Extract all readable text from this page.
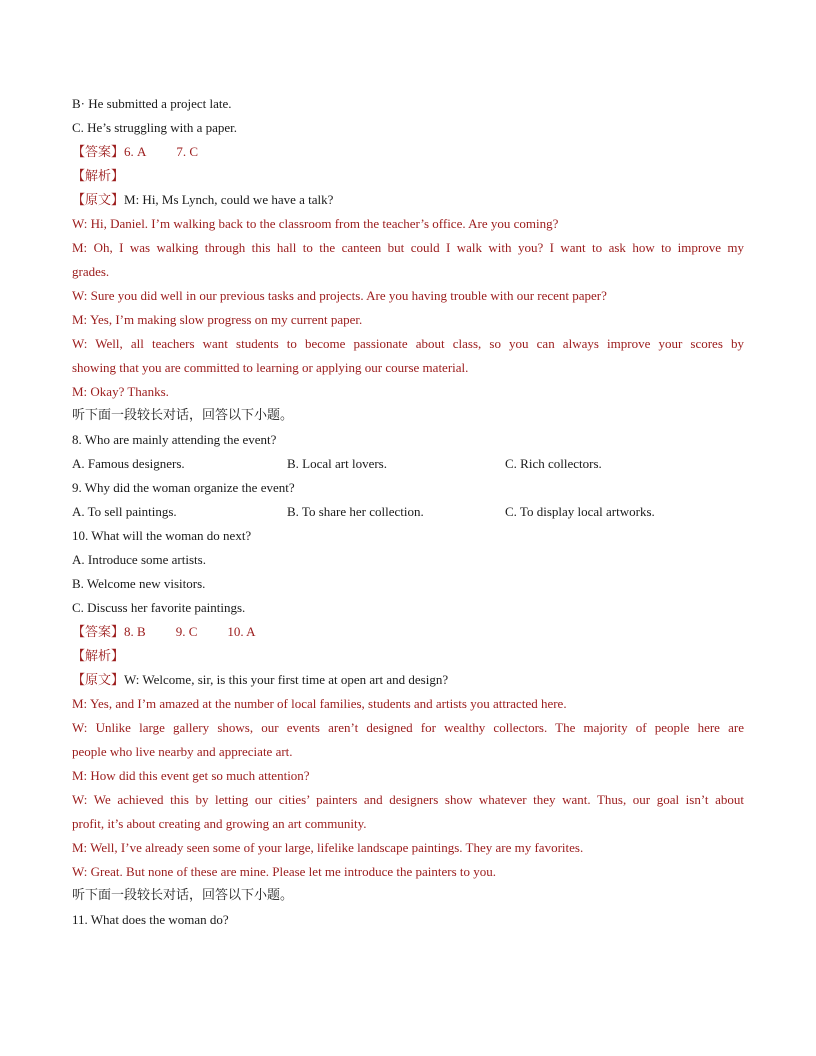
B· He submitted a project late.
C. He’s struggling with a paper.
【答案】6. A 7. C
【解析】
【原文】M: Hi, Ms Lynch, could we have a talk?
W: Hi, Daniel. I’m walking back to the classroom from the teacher’s office. Are you coming?
M: Oh, I was walking through this hall to the canteen but could I walk with you? I want to ask how to improve my
grades.
W: Sure you did well in our previous tasks and projects. Are you having trouble with our recent paper?
M: Yes, I’m making slow progress on my current paper.
W: Well, all teachers want students to become passionate about class, so you can always improve your scores by
showing that you are committed to learning or applying our course material.
M: Okay? Thanks.
听下面一段较长对话，回答以下小题。
8. Who are mainly attending the event?
A. Famous designers.	B. Local art lovers.	C. Rich collectors.
9. Why did the woman organize the event?
A. To sell paintings.	B. To share her collection.	C. To display local artworks.
10. What will the woman do next?
A. Introduce some artists.
B. Welcome new visitors.
C. Discuss her favorite paintings.
【答案】8. B 9. C 10. A
【解析】
【原文】W: Welcome, sir, is this your first time at open art and design?
M: Yes, and I’m amazed at the number of local families, students and artists you attracted here.
W: Unlike large gallery shows, our events aren’t designed for wealthy collectors. The majority of people here are
people who live nearby and appreciate art.
M: How did this event get so much attention?
W: We achieved this by letting our cities’ painters and designers show whatever they want. Thus, our goal isn’t about
profit, it’s about creating and growing an art community.
M: Well, I’ve already seen some of your large, lifelike landscape paintings. They are my favorites.
W: Great. But none of these are mine. Please let me introduce the painters to you.
听下面一段较长对话，回答以下小题。
11. What does the woman do?
